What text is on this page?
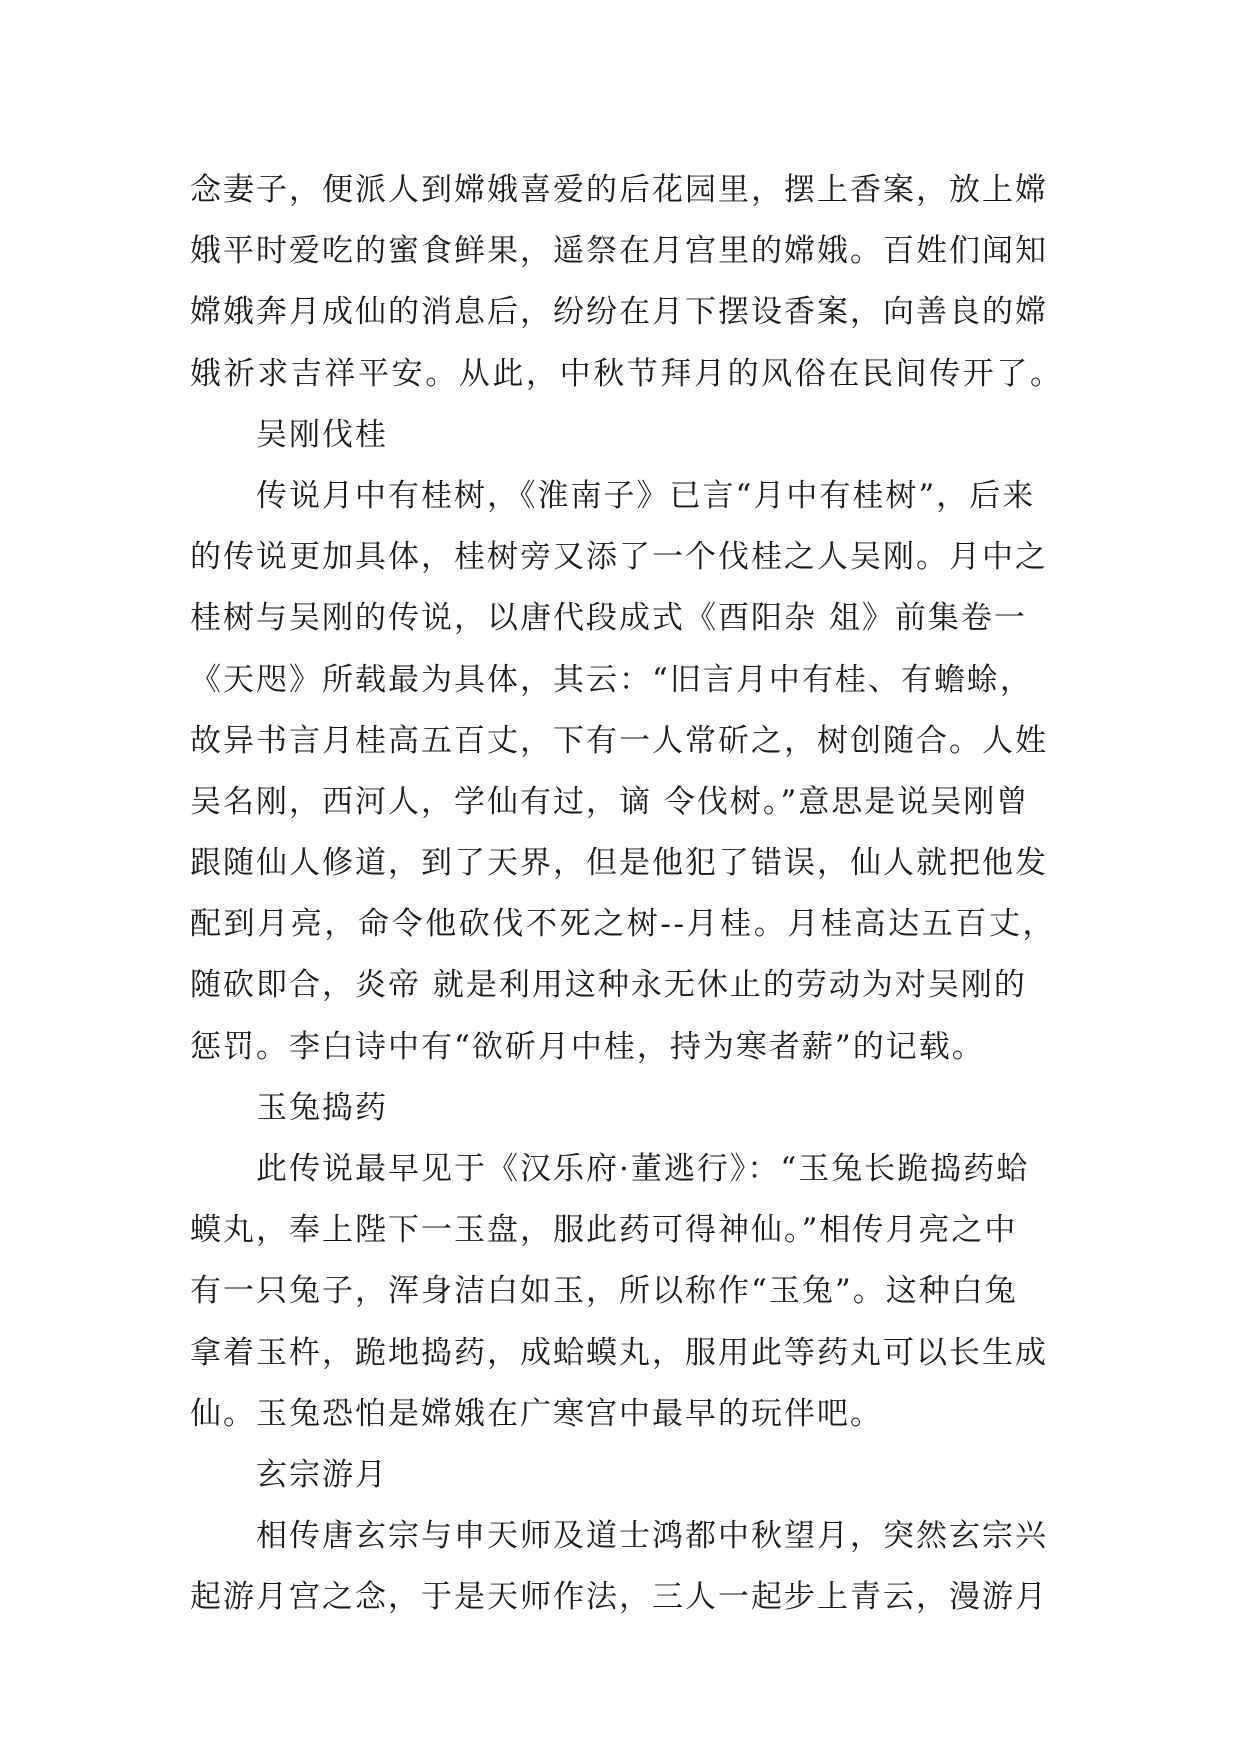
念妻子，便派人到嫦娥喜爱的后花园里，摆上香案，放上嫦
娥平时爱吃的蜜食鲜果，遥祭在月宫里的嫦娥。百姓们闻知
嫦娥奔月成仙的消息后，纷纷在月下摆设香案，向善良的嫦
娥祈求吉祥平安。从此，中秋节拜月的风俗在民间传开了。
吴刚伐桂
传说月中有桂树，《淮南子》已言“月中有桂树”，后来
的传说更加具体，桂树旁又添了一个伐桂之人吴刚。月中之
桂树与吴刚的传说，以唐代段成式《酉阳杂 俎》前集卷一
《天咫》所载最为具体，其云：“旧言月中有桂、有蟾蜍，
故异书言月桂高五百丈，下有一人常斫之，树创随合。人姓
吴名刚，西河人，学仙有过，谪 令伐树。”意思是说吴刚曾
跟随仙人修道，到了天界，但是他犯了错误，仙人就把他发
配到月亮，命令他砍伐不死之树--月桂。月桂高达五百丈，
随砍即合，炎帝 就是利用这种永无休止的劳动为对吴刚的
惩罚。李白诗中有“欲斫月中桂，持为寒者薪”的记载。
玉兔捣药
此传说最早见于《汉乐府·董逃行》：“玉兔长跪捣药蛤
蟆丸，奉上陛下一玉盘，服此药可得神仙。”相传月亮之中
有一只兔子，浑身洁白如玉，所以称作“玉兔”。这种白兔
拿着玉杵，跪地捣药，成蛤蟆丸，服用此等药丸可以长生成
仙。玉兔恐怕是嫦娥在广寒宫中最早的玩伴吧。
玄宗游月
相传唐玄宗与申天师及道士鸿都中秋望月，突然玄宗兴
起游月宫之念，于是天师作法，三人一起步上青云，漫游月
